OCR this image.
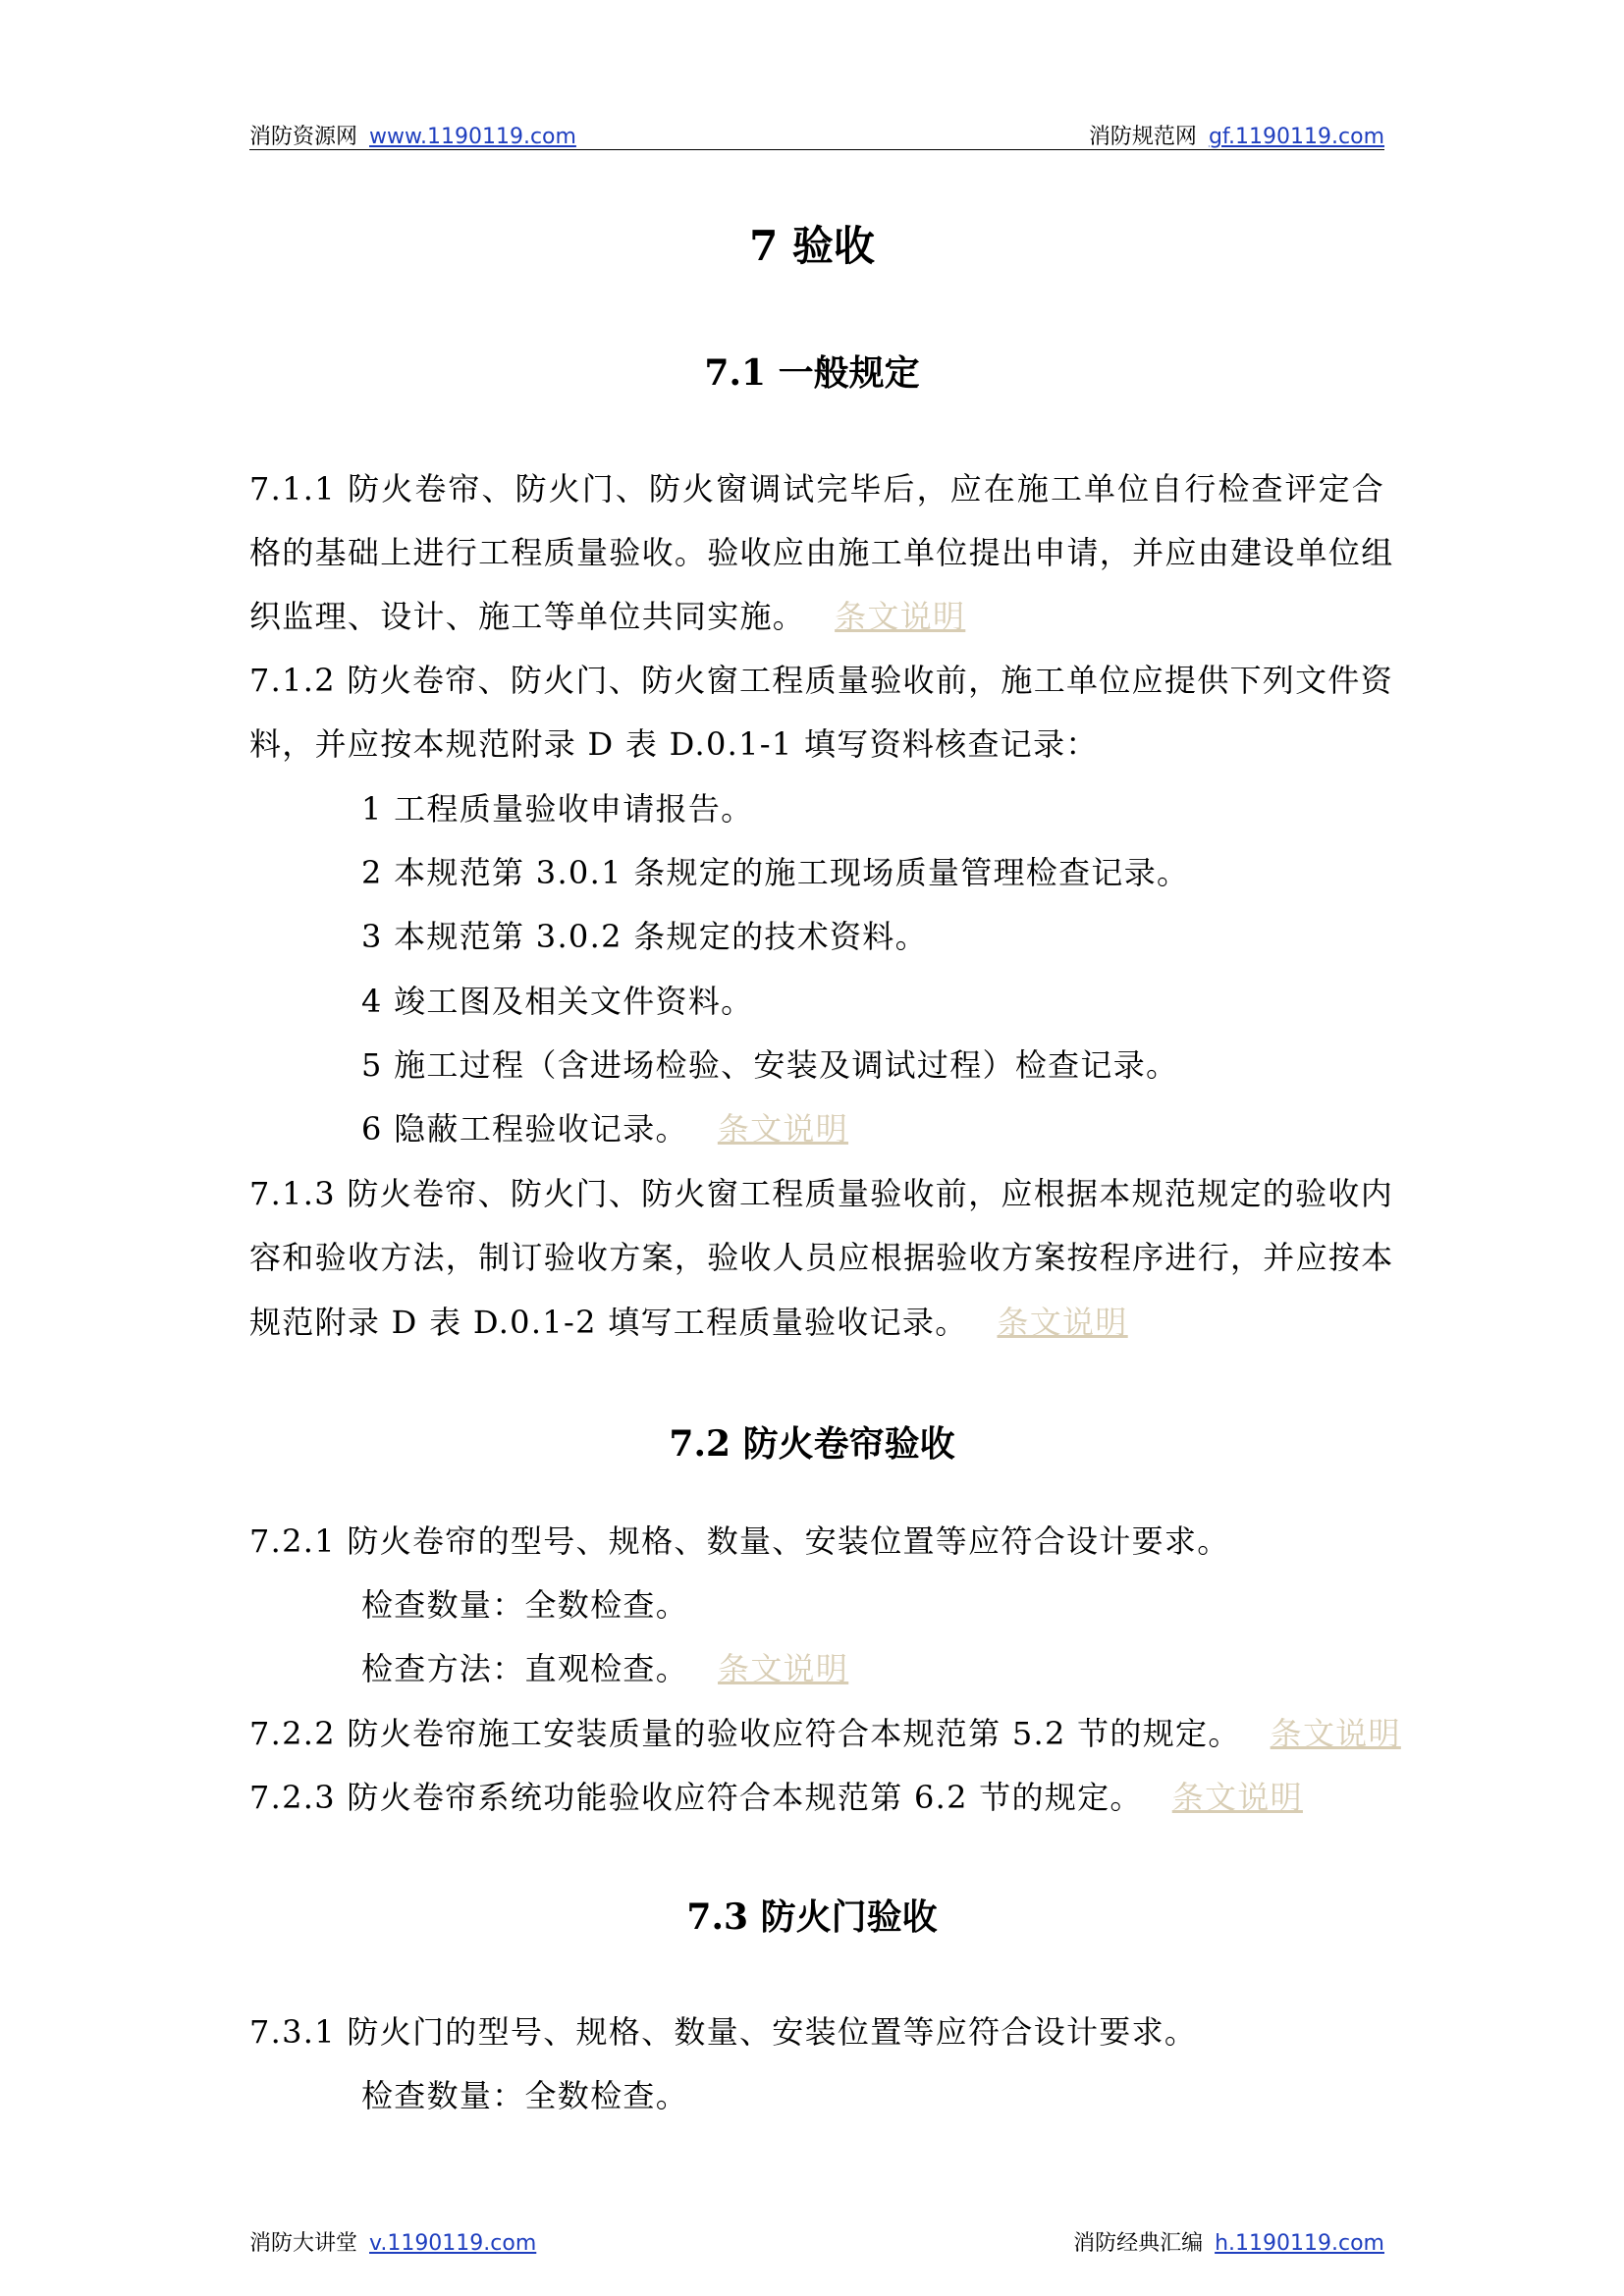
消防资源网 www.1190119.com	消防规范网 gf.1190119.com
7 验收
7.1 一般规定
7.1.1 防火卷帘、防火门、防火窗调试完毕后，应在施工单位自行检查评定合
格的基础上进行工程质量验收。验收应由施工单位提出申请，并应由建设单位组
织监理、设计、施工等单位共同实施。 条文说明
7.1.2 防火卷帘、防火门、防火窗工程质量验收前，施工单位应提供下列文件资
料，并应按本规范附录 D 表 D.0.1-1 填写资料核查记录：
1 工程质量验收申请报告。
2 本规范第 3.0.1 条规定的施工现场质量管理检查记录。
3 本规范第 3.0.2 条规定的技术资料。
4 竣工图及相关文件资料。
5 施工过程（含进场检验、安装及调试过程）检查记录。
6 隐蔽工程验收记录。 条文说明
7.1.3 防火卷帘、防火门、防火窗工程质量验收前，应根据本规范规定的验收内
容和验收方法，制订验收方案，验收人员应根据验收方案按程序进行，并应按本
规范附录 D 表 D.0.1-2 填写工程质量验收记录。 条文说明
7.2 防火卷帘验收
7.2.1 防火卷帘的型号、规格、数量、安装位置等应符合设计要求。
检查数量：全数检查。
检查方法：直观检查。 条文说明
7.2.2 防火卷帘施工安装质量的验收应符合本规范第 5.2 节的规定。 条文说明
7.2.3 防火卷帘系统功能验收应符合本规范第 6.2 节的规定。 条文说明
7.3 防火门验收
7.3.1 防火门的型号、规格、数量、安装位置等应符合设计要求。
检查数量：全数检查。
消防大讲堂 v.1190119.com	消防经典汇编 h.1190119.com
